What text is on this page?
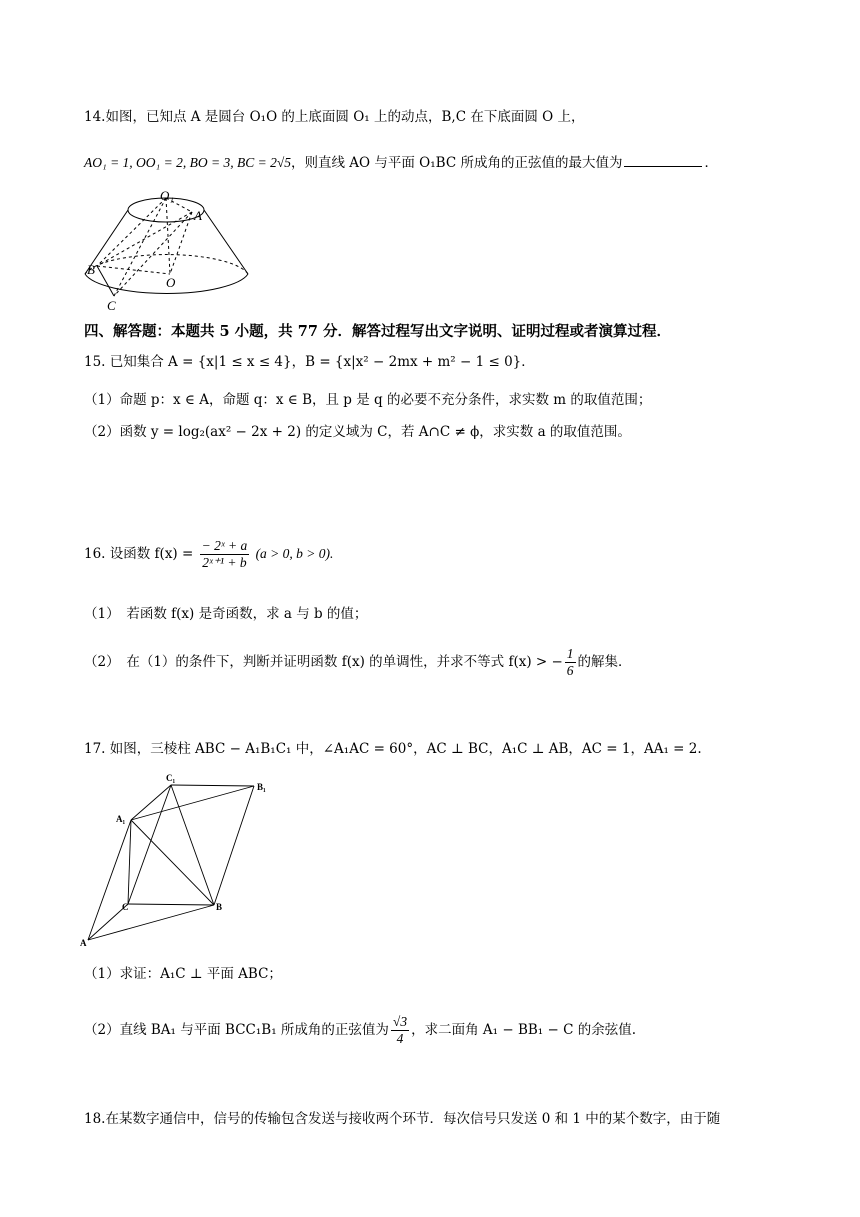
14.如图，已知点 A 是圆台 O₁O 的上底面圆 O₁ 上的动点，B,C 在下底面圆 O 上，
AO₁ = 1, OO₁ = 2, BO = 3, BC = 2√5，则直线 AO 与平面 O₁BC 所成角的正弦值的最大值为	．
O₁
A
B
O
C
四、解答题：本题共 5 小题，共 77 分．解答过程写出文字说明、证明过程或者演算过程．
15. 已知集合 A = {x|1 ≤ x ≤ 4}，B = {x|x² − 2mx + m² − 1 ≤ 0}．
（1）命题 p：x ∈ A，命题 q：x ∈ B，且 p 是 q 的必要不充分条件，求实数 m 的取值范围；
（2）函数 y = log₂(ax² − 2x + 2) 的定义域为 C，若 A∩C ≠ ϕ，求实数 a 的取值范围。
16. 设函数 $f(x) = \frac{\text{− 2ˣ + a}}{\text{2ˣ⁺¹ + b}} (a > 0$, b > 0).
（1）　若函数 f(x) 是奇函数，求 a 与 b 的值；
（2）　在（1）的条件下，判断并证明函数 f(x) 的单调性，并求不等式 f(x) > − $\frac{1}{6}$ 的解集．
17. 如图，三棱柱 ABC − A₁B₁C₁ 中，∠A₁AC = 60°，AC ⊥ BC，A₁C ⊥ AB，AC = 1，AA₁ = 2.
C₁
B₁
A₁
C	B
A
（1）求证：A₁C ⊥ 平面 ABC；
（2）直线 BA₁ 与平面 BCC₁B₁ 所成角的正弦值为 $\frac{√3}{4}$ ，求二面角 A₁ − BB₁ − C 的余弦值.
18.在某数字通信中，信号的传输包含发送与接收两个环节．每次信号只发送 0 和 1 中的某个数字，由于随
